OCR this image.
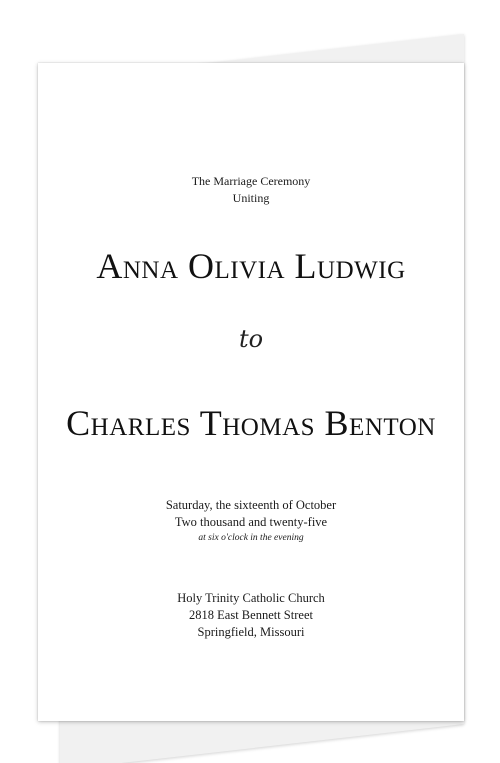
The Marriage Ceremony
Uniting
Anna Olivia Ludwig
to
Charles Thomas Benton
Saturday, the sixteenth of October
Two thousand and twenty-five
at six o'clock in the evening
Holy Trinity Catholic Church
2818 East Bennett Street
Springfield, Missouri
